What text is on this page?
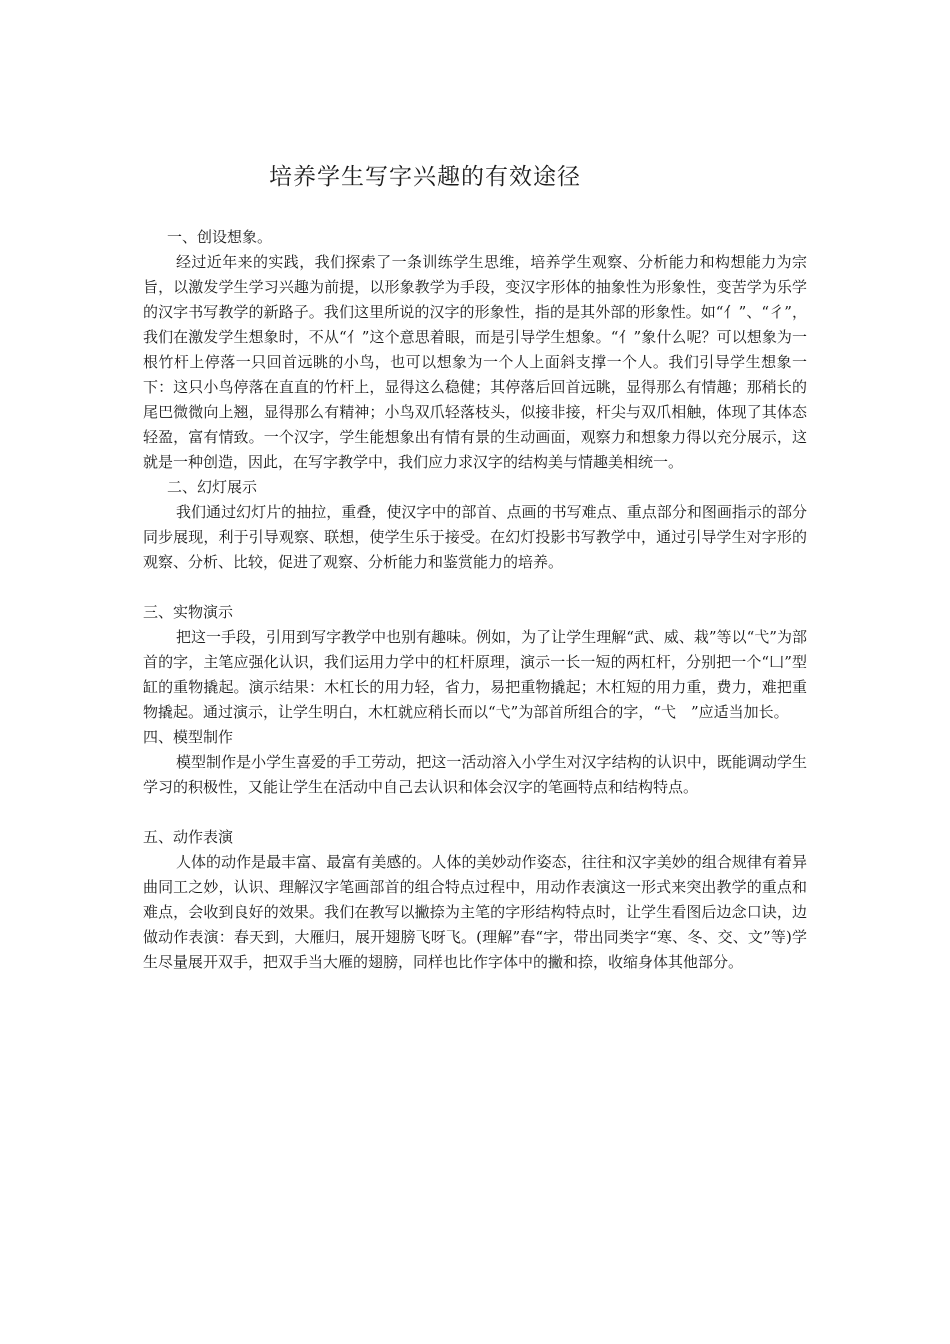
培养学生写字兴趣的有效途径

一、创设想象。

经过近年来的实践，我们探索了一条训练学生思维，培养学生观察、分析能力和构想能力为宗旨，以激发学生学习兴趣为前提，以形象教学为手段，变汉字形体的抽象性为形象性，变苦学为乐学的汉字书写教学的新路子。我们这里所说的汉字的形象性，指的是其外部的形象性。如“亻”、“彳”，我们在激发学生想象时，不从“亻”这个意思着眼，而是引导学生想象。“亻”象什么呢？可以想象为一根竹杆上停落一只回首远眺的小鸟，也可以想象为一个人上面斜支撑一个人。我们引导学生想象一下：这只小鸟停落在直直的竹杆上，显得这么稳健；其停落后回首远眺，显得那么有情趣；那稍长的尾巴微微向上翘，显得那么有精神；小鸟双爪轻落枝头，似接非接，杆尖与双爪相触，体现了其体态轻盈，富有情致。一个汉字，学生能想象出有情有景的生动画面，观察力和想象力得以充分展示，这就是一种创造，因此，在写字教学中，我们应力求汉字的结构美与情趣美相统一。

二、幻灯展示

我们通过幻灯片的抽拉，重叠，使汉字中的部首、点画的书写难点、重点部分和图画指示的部分同步展现，利于引导观察、联想，使学生乐于接受。在幻灯投影书写教学中，通过引导学生对字形的观察、分析、比较，促进了观察、分析能力和鉴赏能力的培养。

三、实物演示

把这一手段，引用到写字教学中也别有趣味。例如，为了让学生理解“武、威、栽”等以“弋”为部首的字，主笔应强化认识，我们运用力学中的杠杆原理，演示一长一短的两杠杆，分别把一个“凵”型缸的重物撬起。演示结果：木杠长的用力轻，省力，易把重物撬起；木杠短的用力重，费力，难把重物撬起。通过演示，让学生明白，木杠就应稍长而以“弋”为部首所组合的字，“弋　”应适当加长。

四、模型制作

模型制作是小学生喜爱的手工劳动，把这一活动溶入小学生对汉字结构的认识中，既能调动学生学习的积极性，又能让学生在活动中自己去认识和体会汉字的笔画特点和结构特点。

五、动作表演

人体的动作是最丰富、最富有美感的。人体的美妙动作姿态，往往和汉字美妙的组合规律有着异曲同工之妙，认识、理解汉字笔画部首的组合特点过程中，用动作表演这一形式来突出教学的重点和难点，会收到良好的效果。我们在教写以撇捺为主笔的字形结构特点时，让学生看图后边念口诀，边做动作表演：春天到，大雁归，展开翅膀飞呀飞。(理解”春“字，带出同类字“寒、冬、交、文”等)学生尽量展开双手，把双手当大雁的翅膀，同样也比作字体中的撇和捺，收缩身体其他部分。
